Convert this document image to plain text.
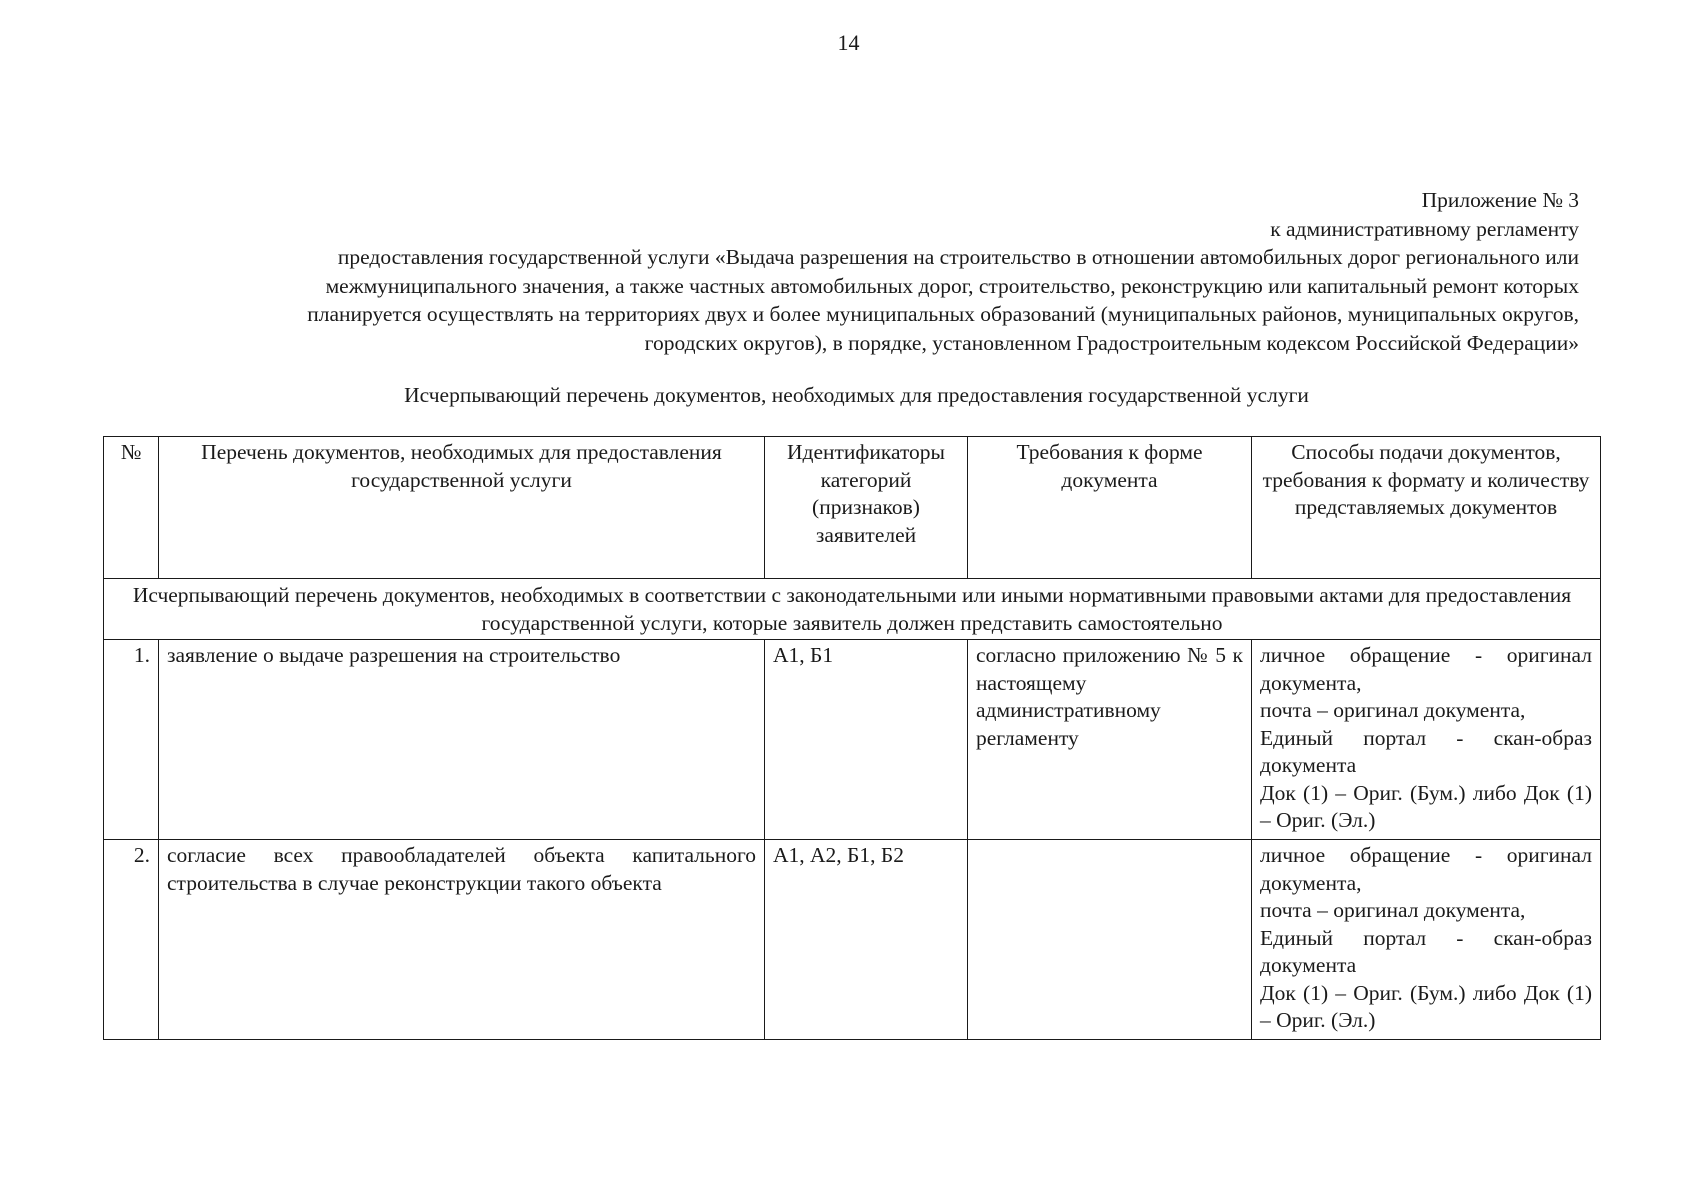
14
Приложение № 3
к административному регламенту
предоставления государственной услуги «Выдача разрешения на строительство в отношении автомобильных дорог регионального или
межмуниципального значения, а также частных автомобильных дорог, строительство, реконструкцию или капитальный ремонт которых
планируется осуществлять на территориях двух и более муниципальных образований (муниципальных районов, муниципальных округов,
городских округов), в порядке, установленном Градостроительным кодексом Российской Федерации»
Исчерпывающий перечень документов, необходимых для предоставления государственной услуги
№	Перечень документов, необходимых для предоставления государственной услуги	Идентификаторы категорий (признаков) заявителей	Требования к форме документа	Способы подачи документов, требования к формату и количеству представляемых документов
Исчерпывающий перечень документов, необходимых в соответствии с законодательными или иными нормативными правовыми актами для предоставления государственной услуги, которые заявитель должен представить самостоятельно				
1.	заявление о выдаче разрешения на строительство	А1, Б1	согласно приложению № 5 к настоящему административному регламенту	личное обращение - оригинал документа,
почта – оригинал документа,
Единый портал - скан-образ документа
Док (1) – Ориг. (Бум.) либо Док (1) – Ориг. (Эл.)

2.	согласие всех правообладателей объекта капитального строительства в случае реконструкции такого объекта	А1, А2, Б1, Б2		личное обращение - оригинал документа,
почта – оригинал документа,
Единый портал - скан-образ документа
Док (1) – Ориг. (Бум.) либо Док (1) – Ориг. (Эл.)
